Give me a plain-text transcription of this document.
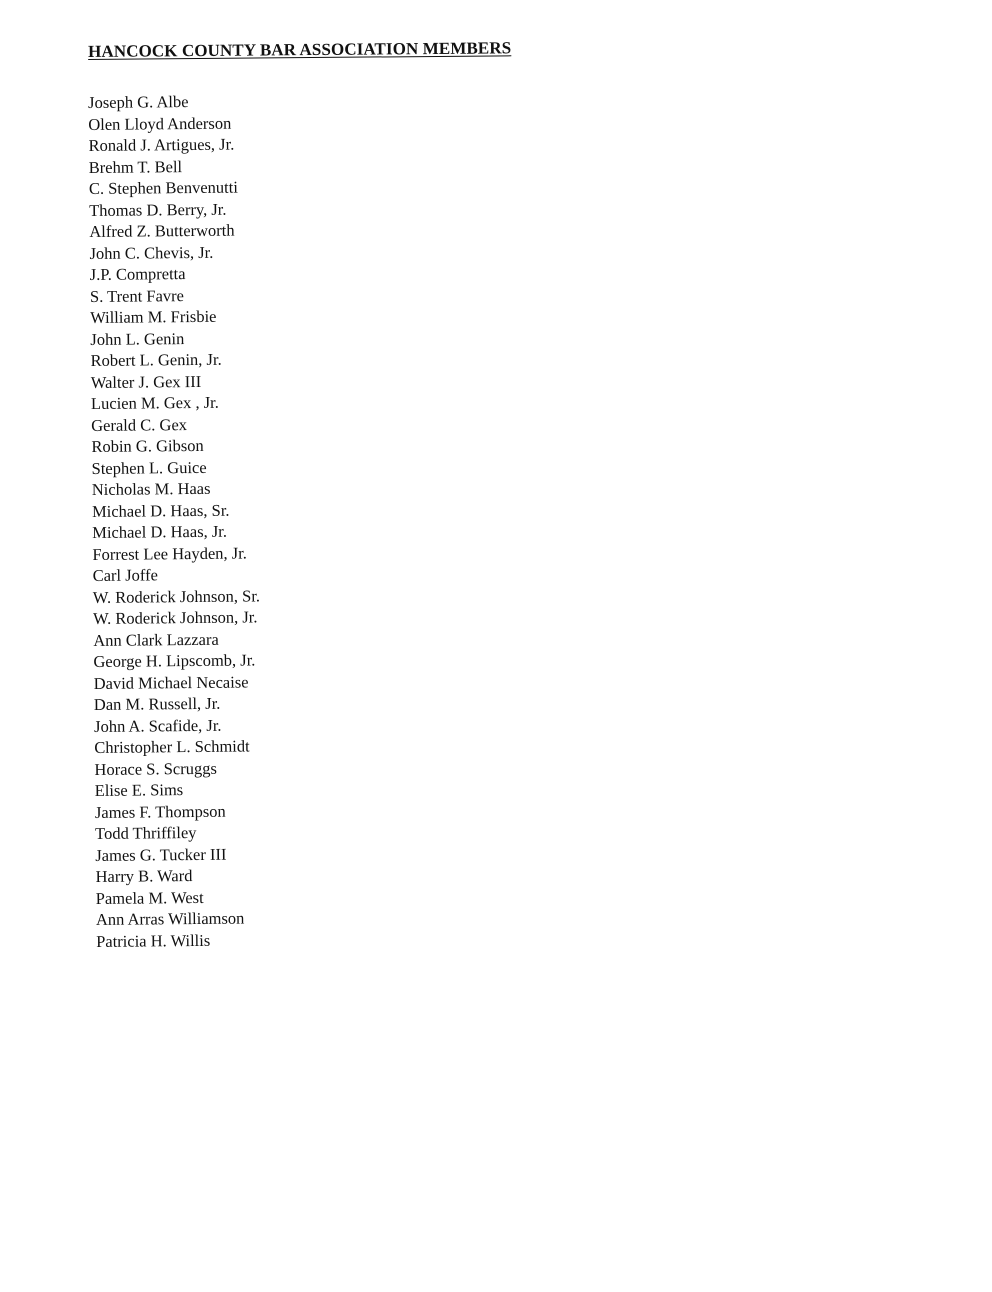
HANCOCK COUNTY BAR ASSOCIATION MEMBERS
Joseph G. Albe
Olen Lloyd Anderson
Ronald J. Artigues, Jr.
Brehm T. Bell
C. Stephen Benvenutti
Thomas D. Berry, Jr.
Alfred Z. Butterworth
John C. Chevis, Jr.
J.P. Compretta
S. Trent Favre
William M. Frisbie
John L. Genin
Robert L. Genin, Jr.
Walter J. Gex III
Lucien M. Gex , Jr.
Gerald C. Gex
Robin G. Gibson
Stephen L. Guice
Nicholas M. Haas
Michael D. Haas, Sr.
Michael D. Haas, Jr.
Forrest Lee Hayden, Jr.
Carl Joffe
W. Roderick Johnson, Sr.
W. Roderick Johnson, Jr.
Ann Clark Lazzara
George H. Lipscomb, Jr.
David Michael Necaise
Dan M. Russell, Jr.
John A. Scafide, Jr.
Christopher L. Schmidt
Horace S. Scruggs
Elise E. Sims
James F. Thompson
Todd Thriffiley
James G. Tucker III
Harry B. Ward
Pamela M. West
Ann Arras Williamson
Patricia H. Willis
